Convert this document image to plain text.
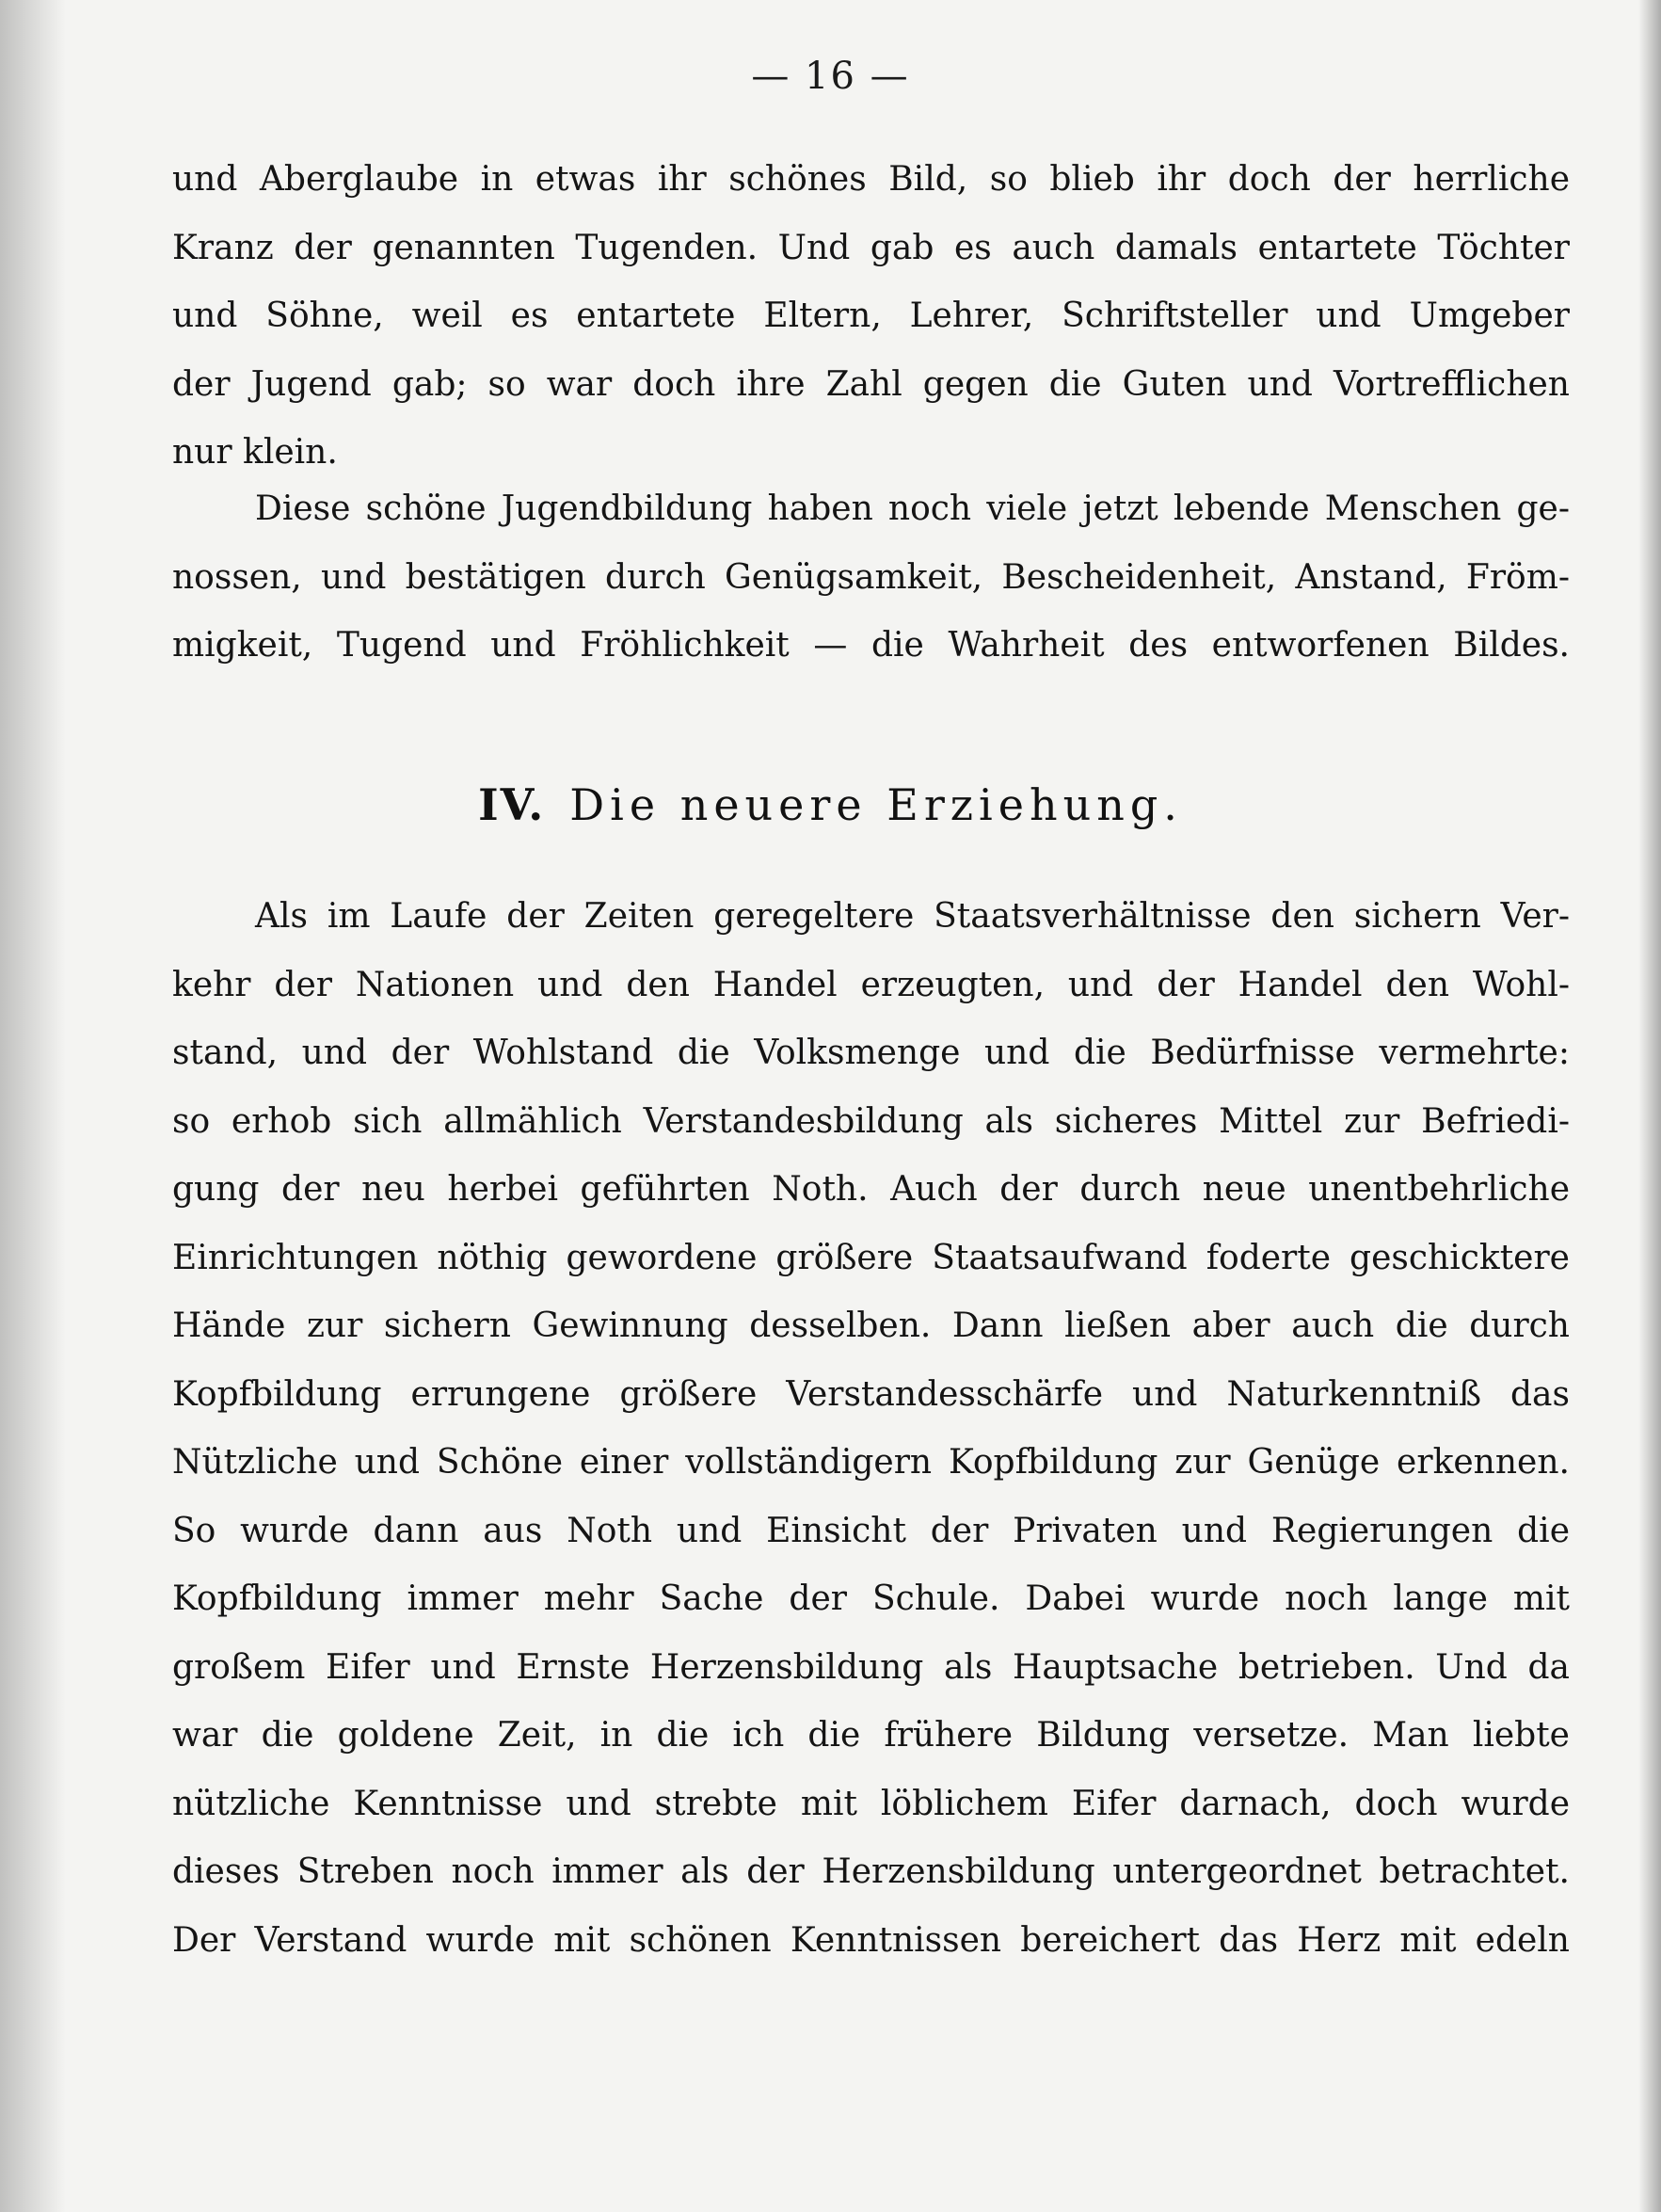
— 16 —
und Aberglaube in etwas ihr schönes Bild, so blieb ihr doch der herrliche
Kranz der genannten Tugenden. Und gab es auch damals entartete Töchter
und Söhne, weil es entartete Eltern, Lehrer, Schriftsteller und Umgeber
der Jugend gab; so war doch ihre Zahl gegen die Guten und Vortrefflichen
nur klein.
Diese schöne Jugendbildung haben noch viele jetzt lebende Menschen ge-
nossen, und bestätigen durch Genügsamkeit, Bescheidenheit, Anstand, Fröm-
migkeit, Tugend und Fröhlichkeit — die Wahrheit des entworfenen Bildes.
IV. Die neuere Erziehung.
Als im Laufe der Zeiten geregeltere Staatsverhältnisse den sichern Ver-
kehr der Nationen und den Handel erzeugten, und der Handel den Wohl-
stand, und der Wohlstand die Volksmenge und die Bedürfnisse vermehrte:
so erhob sich allmählich Verstandesbildung als sicheres Mittel zur Befriedi-
gung der neu herbei geführten Noth. Auch der durch neue unentbehrliche
Einrichtungen nöthig gewordene größere Staatsaufwand foderte geschicktere
Hände zur sichern Gewinnung desselben. Dann ließen aber auch die durch
Kopfbildung errungene größere Verstandesschärfe und Naturkenntniß das
Nützliche und Schöne einer vollständigern Kopfbildung zur Genüge erkennen.
So wurde dann aus Noth und Einsicht der Privaten und Regierungen die
Kopfbildung immer mehr Sache der Schule. Dabei wurde noch lange mit
großem Eifer und Ernste Herzensbildung als Hauptsache betrieben. Und da
war die goldene Zeit, in die ich die frühere Bildung versetze. Man liebte
nützliche Kenntnisse und strebte mit löblichem Eifer darnach, doch wurde
dieses Streben noch immer als der Herzensbildung untergeordnet betrachtet.
Der Verstand wurde mit schönen Kenntnissen bereichert das Herz mit edeln
